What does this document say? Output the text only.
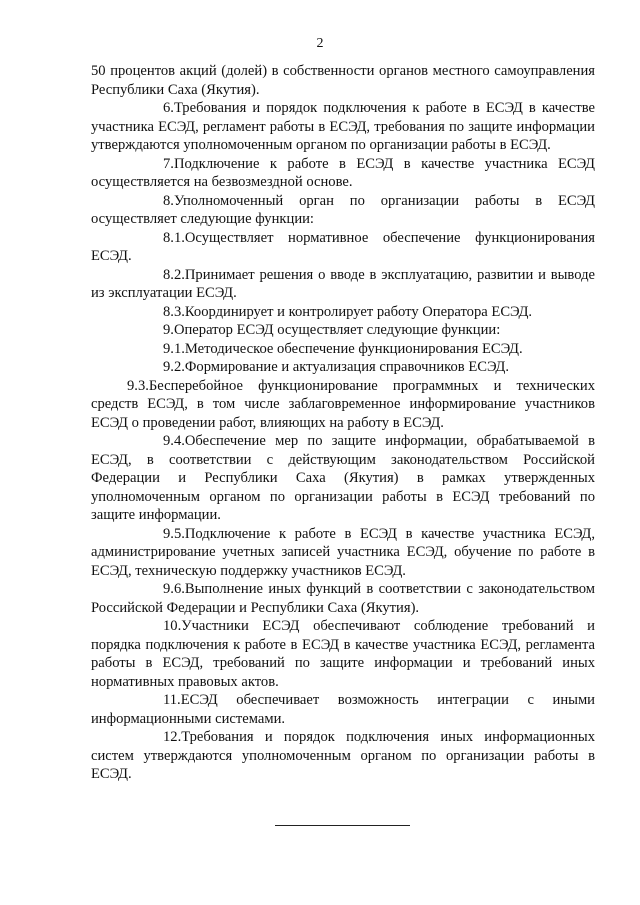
2

50 процентов акций (долей) в собственности органов местного самоуправления Республики Саха (Якутия).

6.Требования и порядок подключения к работе в ЕСЭД в качестве участника ЕСЭД, регламент работы в ЕСЭД, требования по защите информации утверждаются уполномоченным органом по организации работы в ЕСЭД.

7.Подключение к работе в ЕСЭД в качестве участника ЕСЭД осуществляется на безвозмездной основе.

8.Уполномоченный орган по организации работы в ЕСЭД осуществляет следующие функции:

8.1.Осуществляет нормативное обеспечение функционирования ЕСЭД.

8.2.Принимает решения о вводе в эксплуатацию, развитии и выводе из эксплуатации ЕСЭД.

8.3.Координирует и контролирует работу Оператора ЕСЭД.

9.Оператор ЕСЭД осуществляет следующие функции:

9.1.Методическое обеспечение функционирования ЕСЭД.

9.2.Формирование и актуализация справочников ЕСЭД.

9.3.Бесперебойное функционирование программных и технических средств ЕСЭД, в том числе заблаговременное информирование участников ЕСЭД о проведении работ, влияющих на работу в ЕСЭД.

9.4.Обеспечение мер по защите информации, обрабатываемой в ЕСЭД, в соответствии с действующим законодательством Российской Федерации и Республики Саха (Якутия) в рамках утвержденных уполномоченным органом по организации работы в ЕСЭД требований по защите информации.

9.5.Подключение к работе в ЕСЭД в качестве участника ЕСЭД, администрирование учетных записей участника ЕСЭД, обучение по работе в ЕСЭД, техническую поддержку участников ЕСЭД.

9.6.Выполнение иных функций в соответствии с законодательством Российской Федерации и Республики Саха (Якутия).

10.Участники ЕСЭД обеспечивают соблюдение требований и порядка подключения к работе в ЕСЭД в качестве участника ЕСЭД, регламента работы в ЕСЭД, требований по защите информации и требований иных нормативных правовых актов.

11.ЕСЭД обеспечивает возможность интеграции с иными информационными системами.

12.Требования и порядок подключения иных информационных систем утверждаются уполномоченным органом по организации работы в ЕСЭД.
